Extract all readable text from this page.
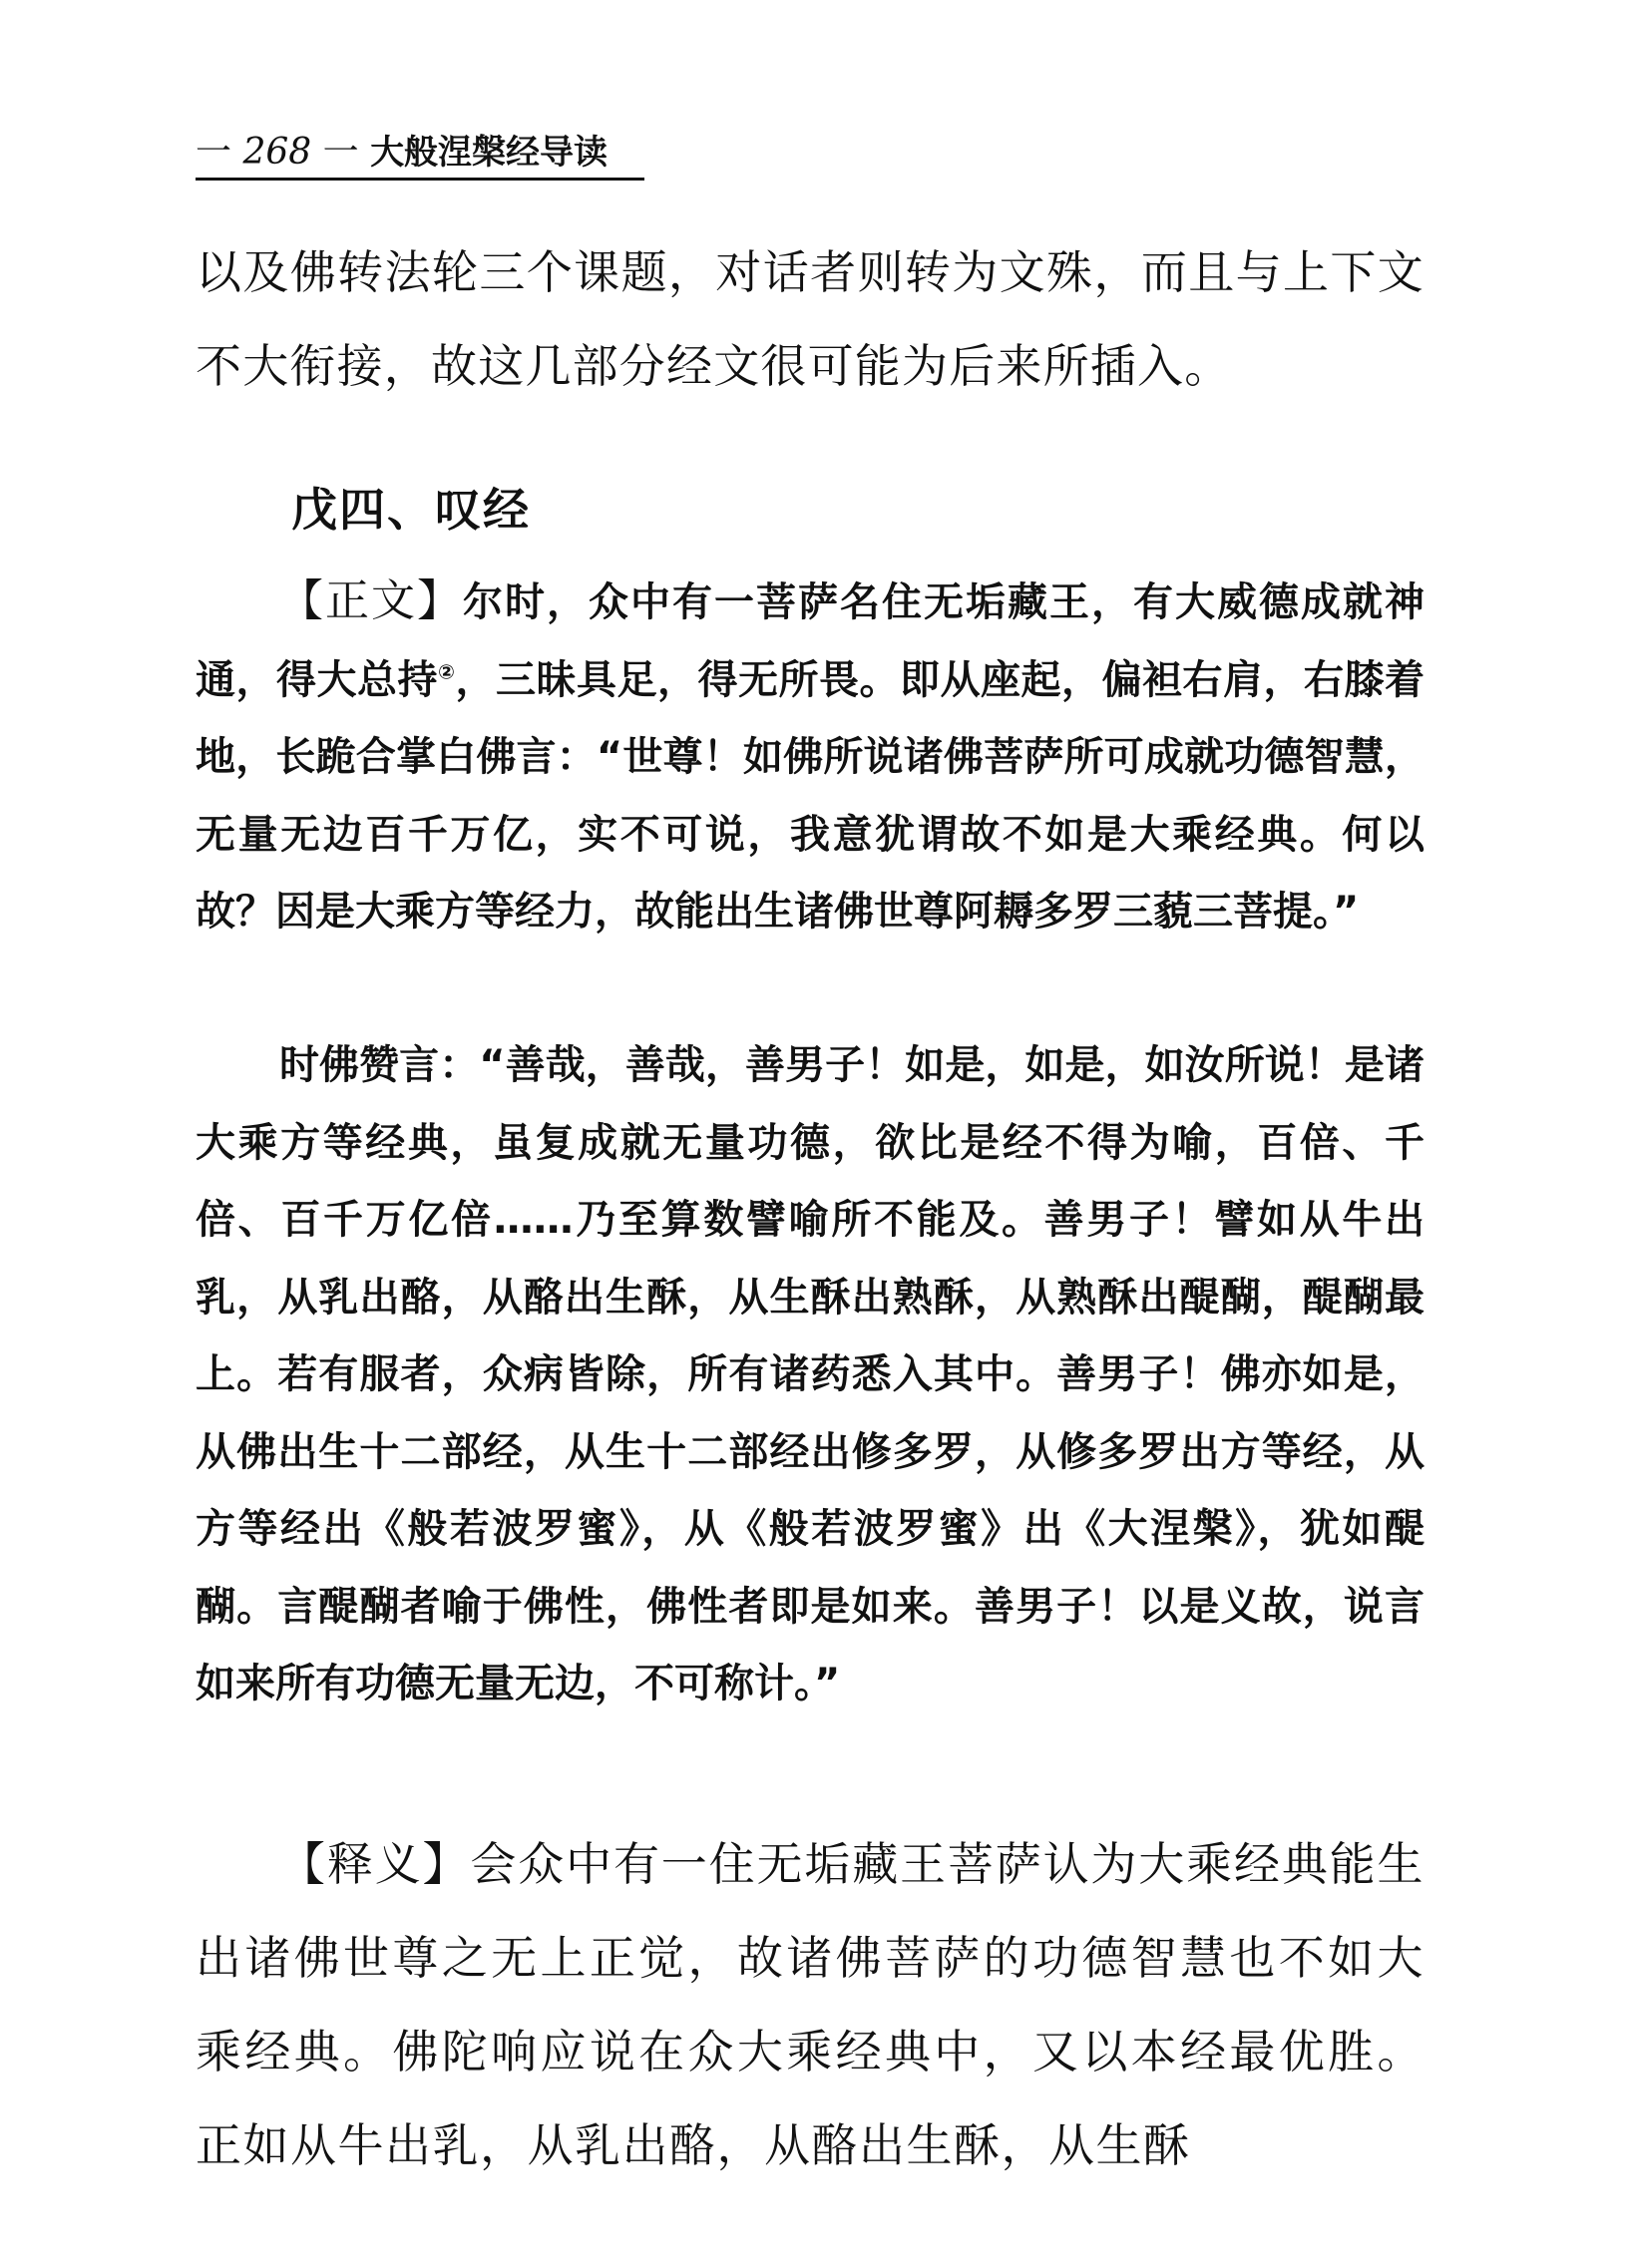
一 268 一 大般涅槃经导读

以及佛转法轮三个课题，对话者则转为文殊，而且与上下文不大衔接，故这几部分经文很可能为后来所插入。

戊四、叹经

【正文】尔时，众中有一菩萨名住无垢藏王，有大威德成就神通，得大总持②，三昧具足，得无所畏。即从座起，偏袒右肩，右膝着地，长跪合掌白佛言：“世尊！如佛所说诸佛菩萨所可成就功德智慧，无量无边百千万亿，实不可说，我意犹谓故不如是大乘经典。何以故？因是大乘方等经力，故能出生诸佛世尊阿耨多罗三藐三菩提。”

时佛赞言：“善哉，善哉，善男子！如是，如是，如汝所说！是诸大乘方等经典，虽复成就无量功德，欲比是经不得为喻，百倍、千倍、百千万亿倍……乃至算数譬喻所不能及。善男子！譬如从牛出乳，从乳出酪，从酪出生酥，从生酥出熟酥，从熟酥出醍醐，醍醐最上。若有服者，众病皆除，所有诸药悉入其中。善男子！佛亦如是，从佛出生十二部经，从生十二部经出修多罗，从修多罗出方等经，从方等经出《般若波罗蜜》，从《般若波罗蜜》出《大涅槃》，犹如醍醐。言醍醐者喻于佛性，佛性者即是如来。善男子！以是义故，说言如来所有功德无量无边，不可称计。”

【释义】会众中有一住无垢藏王菩萨认为大乘经典能生出诸佛世尊之无上正觉，故诸佛菩萨的功德智慧也不如大乘经典。佛陀响应说在众大乘经典中，又以本经最优胜。正如从牛出乳，从乳出酪，从酪出生酥，从生酥
